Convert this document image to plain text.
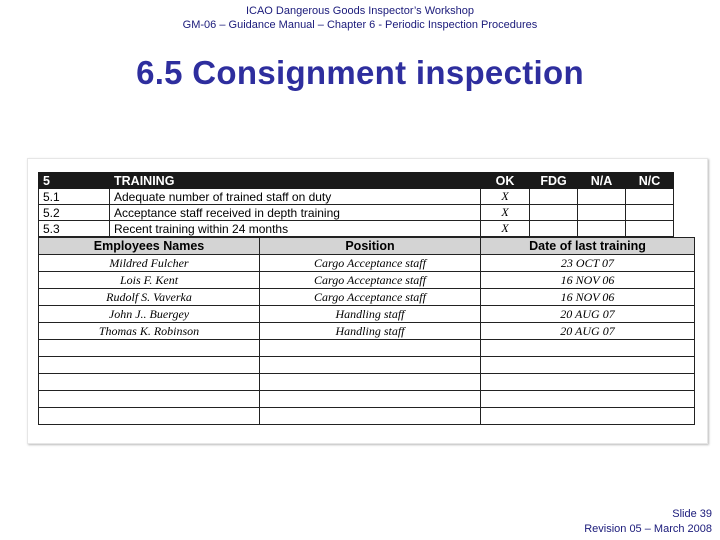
ICAO Dangerous Goods Inspector’s Workshop
GM-06 – Guidance Manual – Chapter 6 - Periodic Inspection Procedures
6.5 Consignment inspection
5	TRAINING	OK	FDG	N/A	N/C
5.1	Adequate number of trained staff on duty	X			
5.2	Acceptance staff received in depth training	X			
5.3	Recent training within 24 months	X			
Employees Names	Position	Date of last training
Mildred Fulcher	Cargo Acceptance staff	23 OCT 07
Lois F. Kent	Cargo Acceptance staff	16 NOV 06
Rudolf S. Vaverka	Cargo Acceptance staff	16 NOV 06
John J.. Buergey	Handling staff	20 AUG 07
Thomas K. Robinson	Handling staff	20 AUG 07

Slide 39
Revision 05 – March 2008
